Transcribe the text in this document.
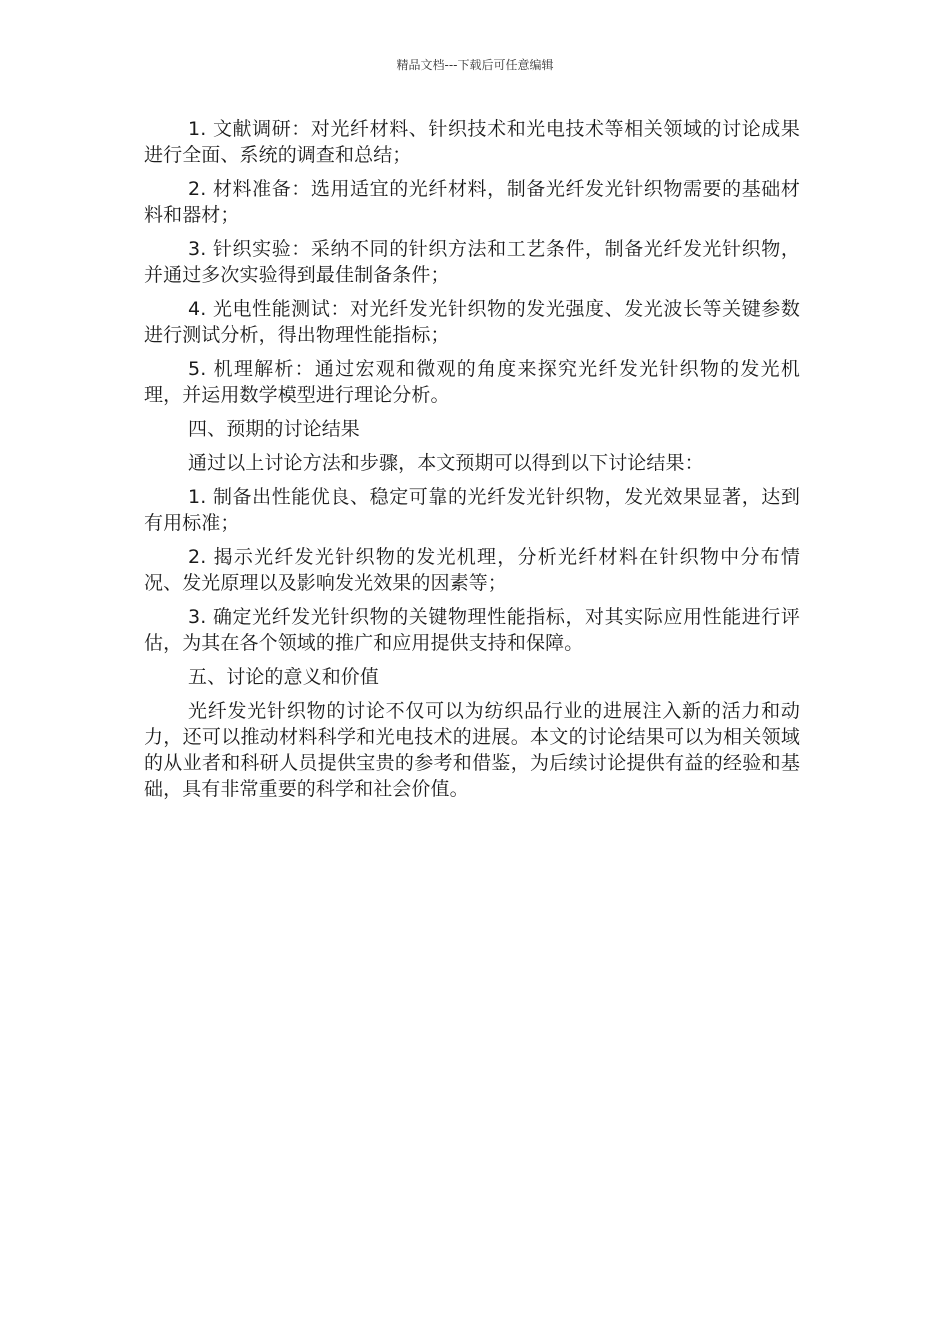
精品文档---下载后可任意编辑

1. 文献调研：对光纤材料、针织技术和光电技术等相关领域的讨论成果进行全面、系统的调查和总结；

2. 材料准备：选用适宜的光纤材料，制备光纤发光针织物需要的基础材料和器材；

3. 针织实验：采纳不同的针织方法和工艺条件，制备光纤发光针织物，并通过多次实验得到最佳制备条件；

4. 光电性能测试：对光纤发光针织物的发光强度、发光波长等关键参数进行测试分析，得出物理性能指标；

5. 机理解析：通过宏观和微观的角度来探究光纤发光针织物的发光机理，并运用数学模型进行理论分析。

四、预期的讨论结果

通过以上讨论方法和步骤，本文预期可以得到以下讨论结果：

1. 制备出性能优良、稳定可靠的光纤发光针织物，发光效果显著，达到有用标准；

2. 揭示光纤发光针织物的发光机理，分析光纤材料在针织物中分布情况、发光原理以及影响发光效果的因素等；

3. 确定光纤发光针织物的关键物理性能指标，对其实际应用性能进行评估，为其在各个领域的推广和应用提供支持和保障。

五、讨论的意义和价值

光纤发光针织物的讨论不仅可以为纺织品行业的进展注入新的活力和动力，还可以推动材料科学和光电技术的进展。本文的讨论结果可以为相关领域的从业者和科研人员提供宝贵的参考和借鉴，为后续讨论提供有益的经验和基础，具有非常重要的科学和社会价值。
